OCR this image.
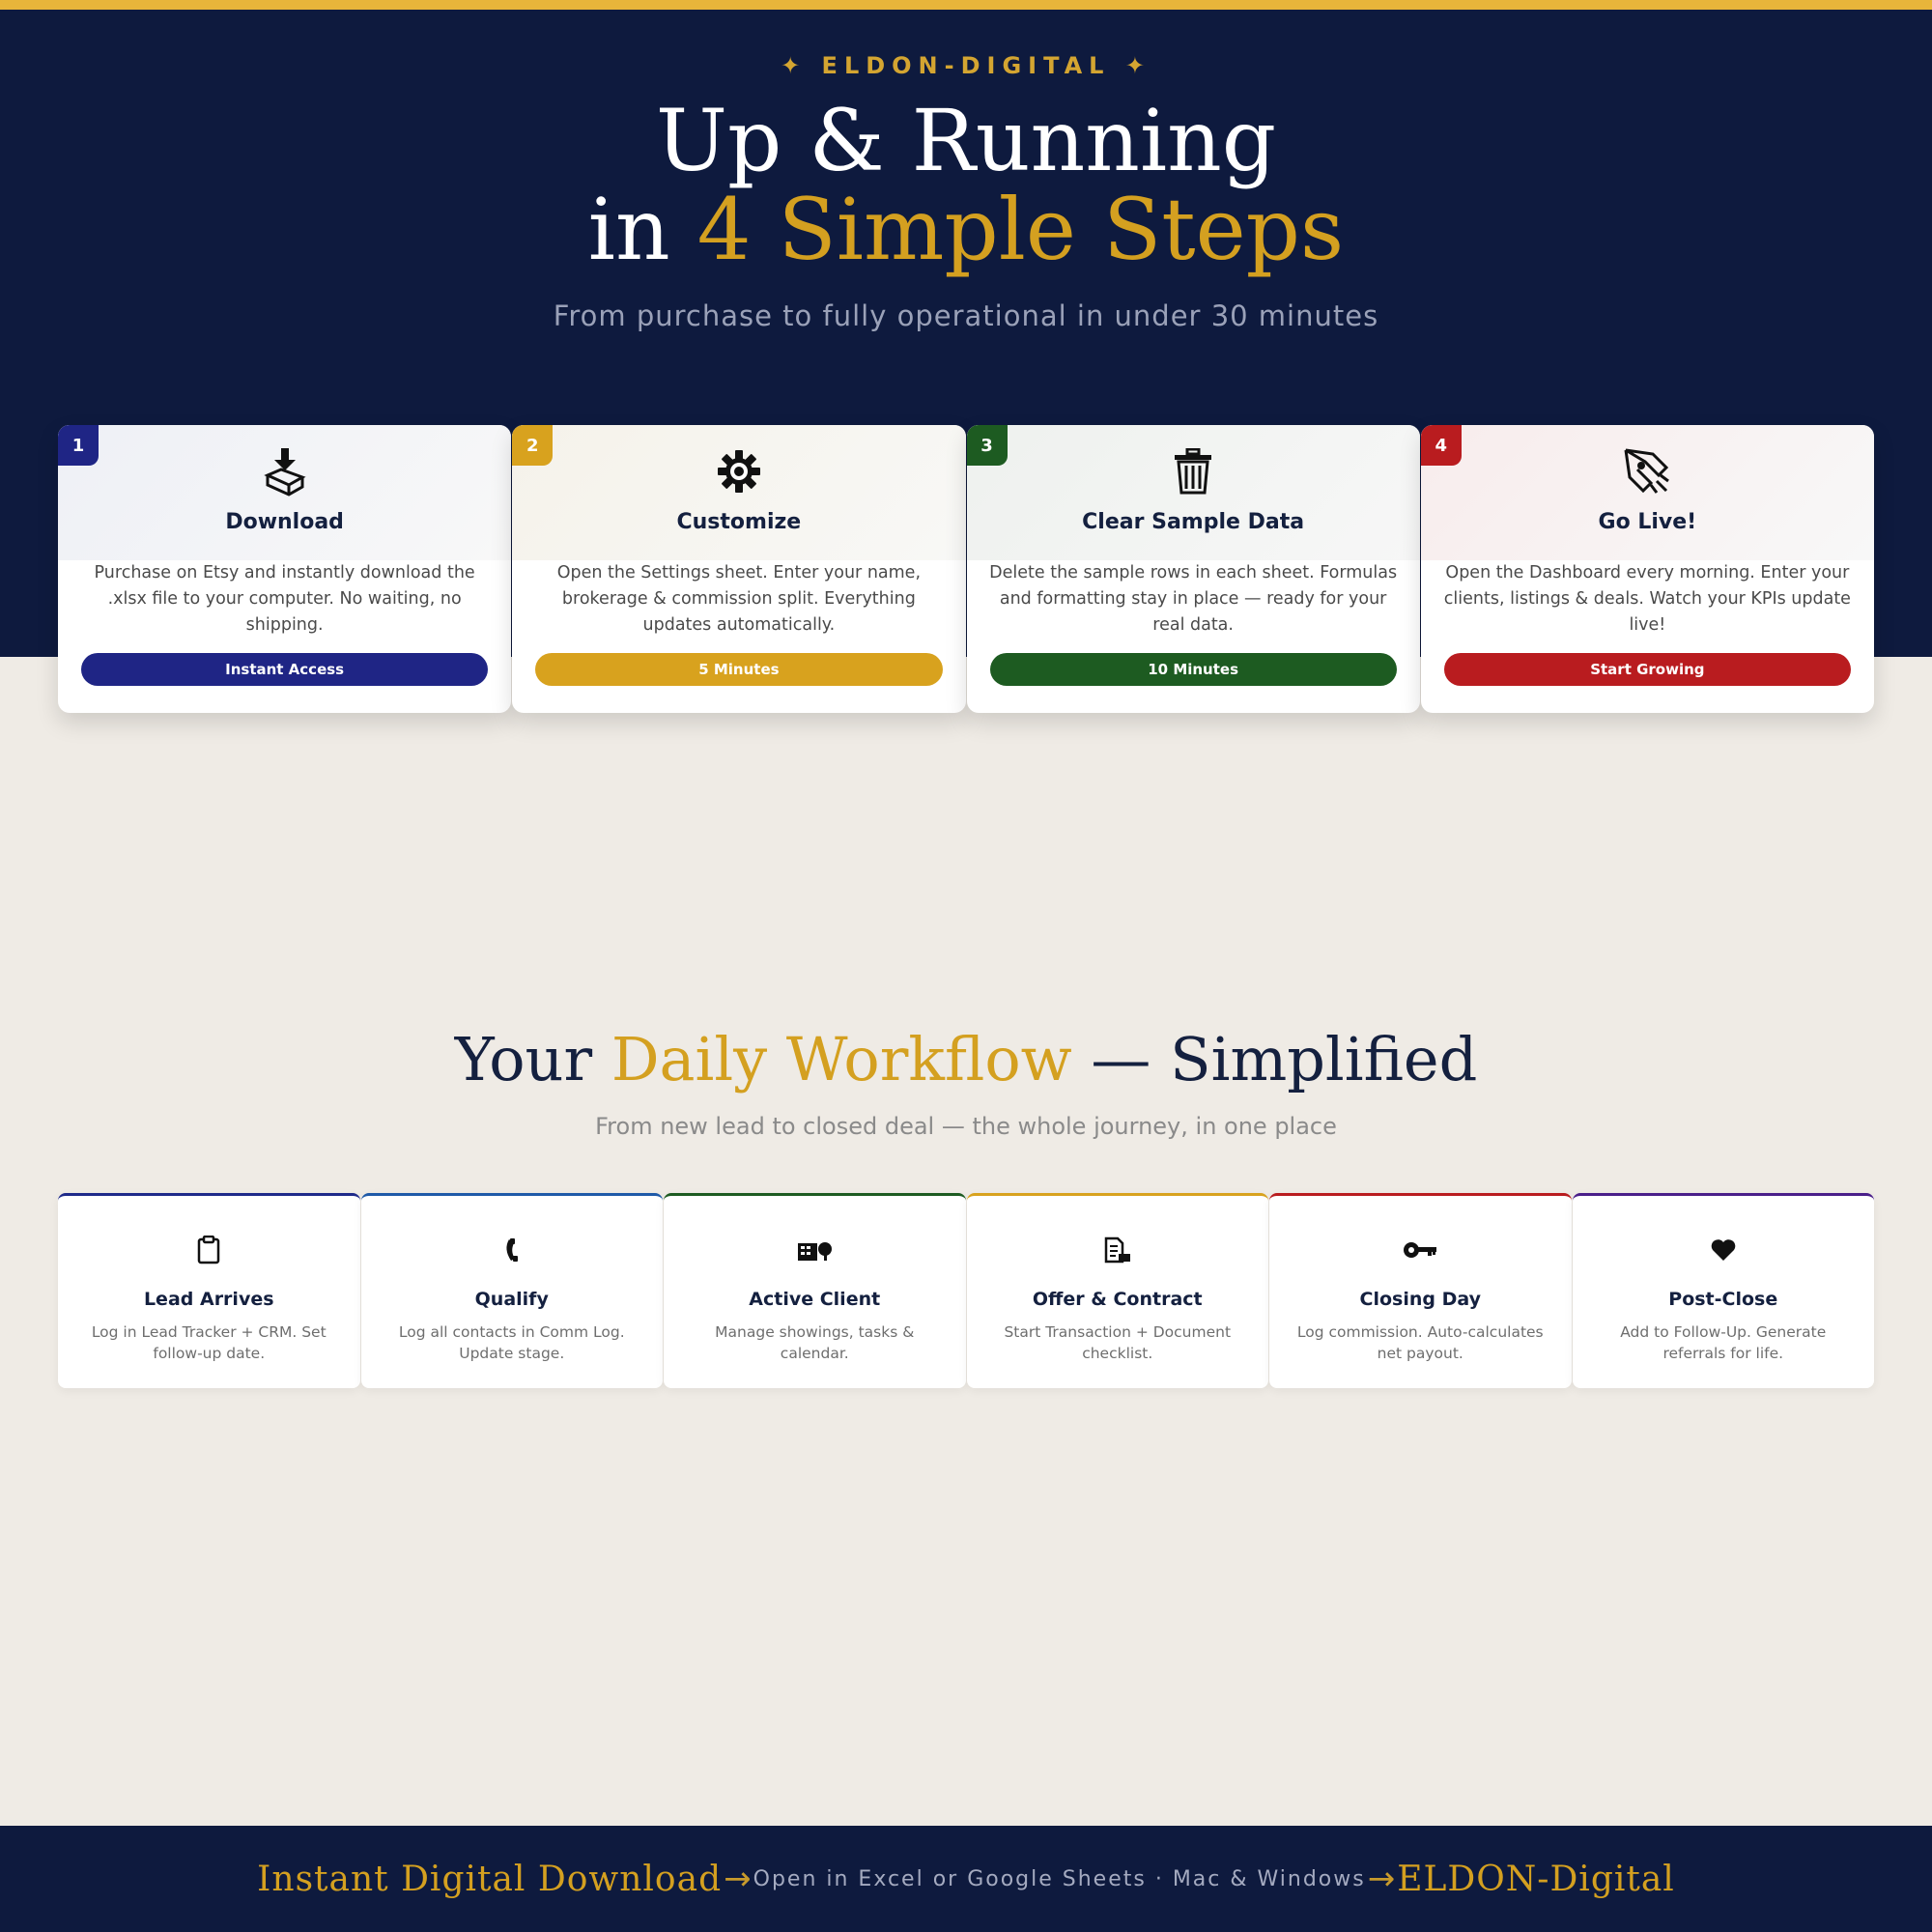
✦ ELDON-DIGITAL ✦
Up & Running
in 4 Simple Steps
From purchase to fully operational in under 30 minutes
1
Download
Purchase on Etsy and instantly download the .xlsx file to your computer. No waiting, no shipping.
Instant Access
2
Customize
Open the Settings sheet. Enter your name, brokerage & commission split. Everything updates automatically.
5 Minutes
3
Clear Sample Data
Delete the sample rows in each sheet. Formulas and formatting stay in place — ready for your real data.
10 Minutes
4
Go Live!
Open the Dashboard every morning. Enter your clients, listings & deals. Watch your KPIs update live!
Start Growing
Your Daily Workflow — Simplified
From new lead to closed deal — the whole journey, in one place
Lead Arrives
Log in Lead Tracker + CRM. Set follow-up date.
Qualify
Log all contacts in Comm Log. Update stage.
Active Client
Manage showings, tasks & calendar.
Offer & Contract
Start Transaction + Document checklist.
Closing Day
Log commission. Auto-calculates net payout.
Post-Close
Add to Follow-Up. Generate referrals for life.
Instant Digital Download → Open in Excel or Google Sheets · Mac & Windows → ELDON-Digital
